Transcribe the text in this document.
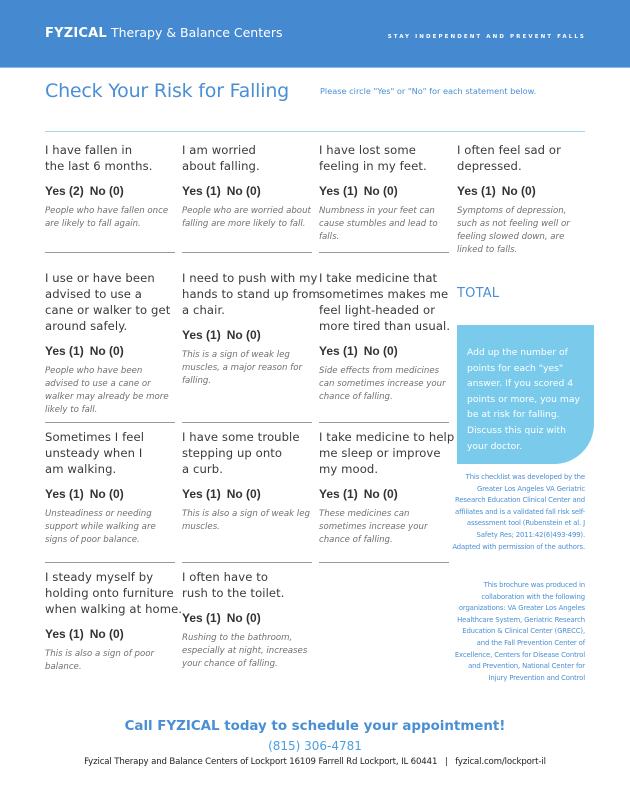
FYZICAL Therapy & Balance Centers	STAY INDEPENDENT AND PREVENT FALLS
Check Your Risk for Falling	Please circle "Yes" or "No" for each statement below.
I have fallen in
the last 6 months.
Yes (2) No (0)
People who have fallen once are likely to fall again.
I am worried
about falling.
Yes (1) No (0)
People who are worried about falling are more likely to fall.
I have lost some
feeling in my feet.
Yes (1) No (0)
Numbness in your feet can cause stumbles and lead to falls.
I often feel sad or
depressed.
Yes (1) No (0)
Symptoms of depression, such as not feeling well or feeling slowed down, are linked to falls.
I use or have been
advised to use a
cane or walker to get
around safely.
Yes (1) No (0)
People who have been advised to use a cane or walker may already be more likely to fall.
I need to push with my
hands to stand up from
a chair.
Yes (1) No (0)
This is a sign of weak leg muscles, a major reason for falling.
I take medicine that
sometimes makes me
feel light-headed or
more tired than usual.
Yes (1) No (0)
Side effects from medicines can sometimes increase your chance of falling.
Sometimes I feel
unsteady when I
am walking.
Yes (1) No (0)
Unsteadiness or needing support while walking are signs of poor balance.
I have some trouble
stepping up onto
a curb.
Yes (1) No (0)
This is also a sign of weak leg muscles.
I take medicine to help
me sleep or improve
my mood.
Yes (1) No (0)
These medicines can sometimes increase your chance of falling.
I steady myself by
holding onto furniture
when walking at home.
Yes (1) No (0)
This is also a sign of poor balance.
I often have to
rush to the toilet.
Yes (1) No (0)
Rushing to the bathroom, especially at night, increases your chance of falling.
TOTAL
Add up the number of points for each "yes" answer. If you scored 4 points or more, you may be at risk for falling. Discuss this quiz with your doctor.
This checklist was developed by the Greater Los Angeles VA Geriatric Research Education Clinical Center and affiliates and is a validated fall risk self-assessment tool (Rubenstein et al. J Safety Res; 2011:42(6)493-499). Adapted with permission of the authors.
This brochure was produced in collaboration with the following organizations: VA Greater Los Angeles Healthcare System, Geriatric Research Education & Clinical Center (GRECC), and the Fall Prevention Center of Excellence, Centers for Disease Control and Prevention, National Center for Injury Prevention and Control
Call FYZICAL today to schedule your appointment!
(815) 306-4781
Fyzical Therapy and Balance Centers of Lockport 16109 Farrell Rd Lockport, IL 60441 | fyzical.com/lockport-il
